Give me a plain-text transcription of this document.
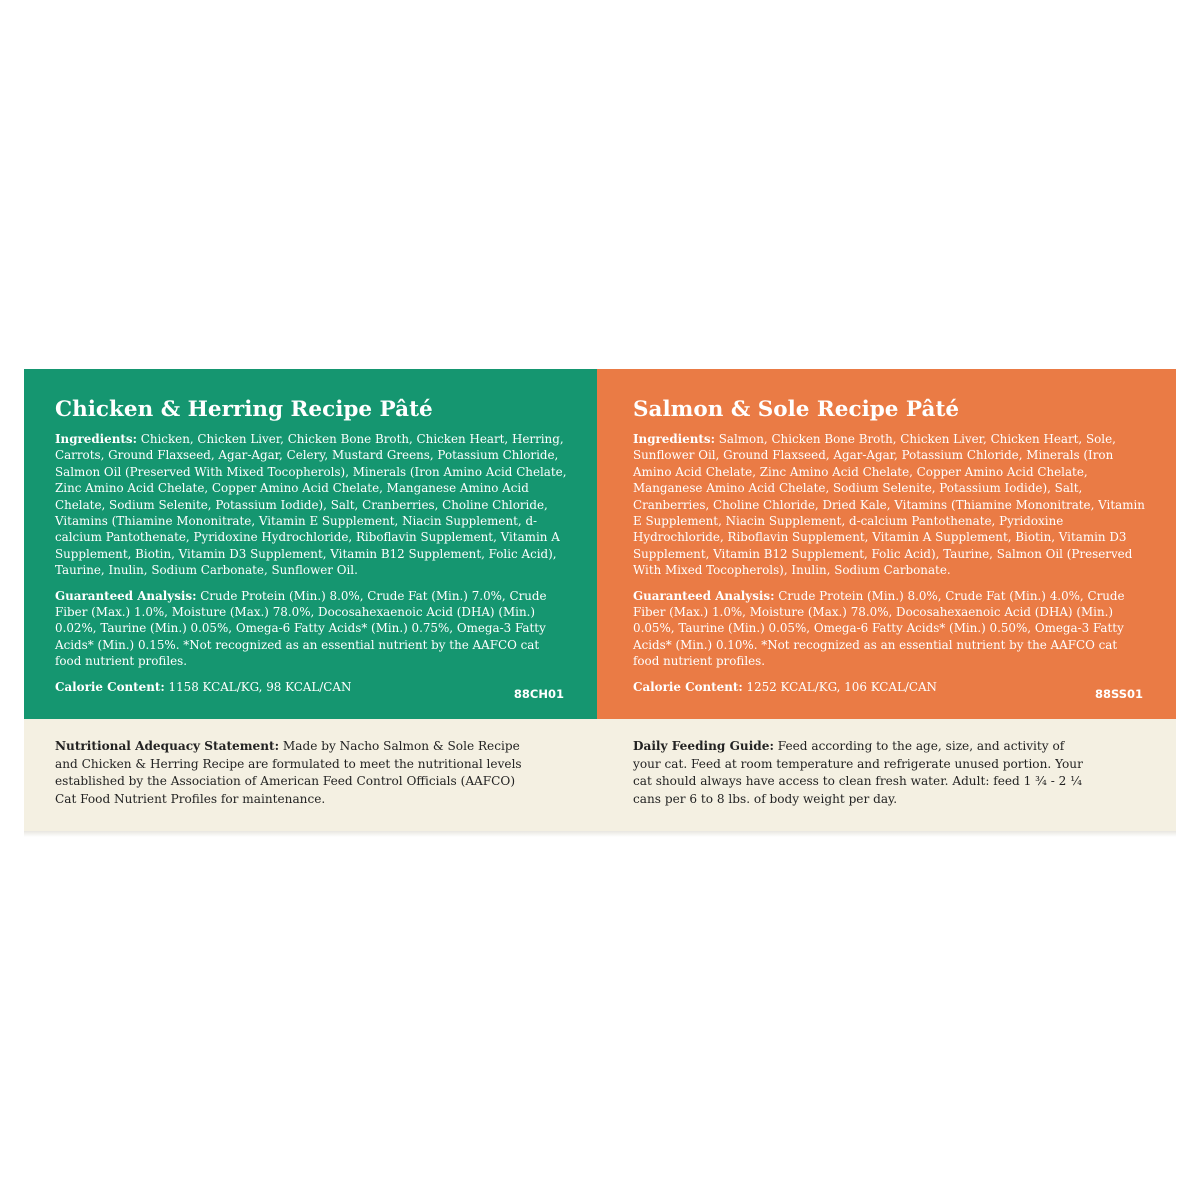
Chicken & Herring Recipe Pâté

Ingredients: Chicken, Chicken Liver, Chicken Bone Broth, Chicken Heart, Herring, Carrots, Ground Flaxseed, Agar-Agar, Celery, Mustard Greens, Potassium Chloride, Salmon Oil (Preserved With Mixed Tocopherols), Minerals (Iron Amino Acid Chelate, Zinc Amino Acid Chelate, Copper Amino Acid Chelate, Manganese Amino Acid Chelate, Sodium Selenite, Potassium Iodide), Salt, Cranberries, Choline Chloride, Vitamins (Thiamine Mononitrate, Vitamin E Supplement, Niacin Supplement, d-calcium Pantothenate, Pyridoxine Hydrochloride, Riboflavin Supplement, Vitamin A Supplement, Biotin, Vitamin D3 Supplement, Vitamin B12 Supplement, Folic Acid), Taurine, Inulin, Sodium Carbonate, Sunflower Oil.

Guaranteed Analysis: Crude Protein (Min.) 8.0%, Crude Fat (Min.) 7.0%, Crude Fiber (Max.) 1.0%, Moisture (Max.) 78.0%, Docosahexaenoic Acid (DHA) (Min.) 0.02%, Taurine (Min.) 0.05%, Omega-6 Fatty Acids* (Min.) 0.75%, Omega-3 Fatty Acids* (Min.) 0.15%. *Not recognized as an essential nutrient by the AAFCO cat food nutrient profiles.

Calorie Content: 1158 KCAL/KG, 98 KCAL/CAN

88CH01
Salmon & Sole Recipe Pâté

Ingredients: Salmon, Chicken Bone Broth, Chicken Liver, Chicken Heart, Sole, Sunflower Oil, Ground Flaxseed, Agar-Agar, Potassium Chloride, Minerals (Iron Amino Acid Chelate, Zinc Amino Acid Chelate, Copper Amino Acid Chelate, Manganese Amino Acid Chelate, Sodium Selenite, Potassium Iodide), Salt, Cranberries, Choline Chloride, Dried Kale, Vitamins (Thiamine Mononitrate, Vitamin E Supplement, Niacin Supplement, d-calcium Pantothenate, Pyridoxine Hydrochloride, Riboflavin Supplement, Vitamin A Supplement, Biotin, Vitamin D3 Supplement, Vitamin B12 Supplement, Folic Acid), Taurine, Salmon Oil (Preserved With Mixed Tocopherols), Inulin, Sodium Carbonate.

Guaranteed Analysis: Crude Protein (Min.) 8.0%, Crude Fat (Min.) 4.0%, Crude Fiber (Max.) 1.0%, Moisture (Max.) 78.0%, Docosahexaenoic Acid (DHA) (Min.) 0.05%, Taurine (Min.) 0.05%, Omega-6 Fatty Acids* (Min.) 0.50%, Omega-3 Fatty Acids* (Min.) 0.10%. *Not recognized as an essential nutrient by the AAFCO cat food nutrient profiles.

Calorie Content: 1252 KCAL/KG, 106 KCAL/CAN

88SS01
Nutritional Adequacy Statement: Made by Nacho Salmon & Sole Recipe and Chicken & Herring Recipe are formulated to meet the nutritional levels established by the Association of American Feed Control Officials (AAFCO) Cat Food Nutrient Profiles for maintenance.
Daily Feeding Guide: Feed according to the age, size, and activity of your cat. Feed at room temperature and refrigerate unused portion. Your cat should always have access to clean fresh water. Adult: feed 1 ¾ - 2 ¼ cans per 6 to 8 lbs. of body weight per day.
